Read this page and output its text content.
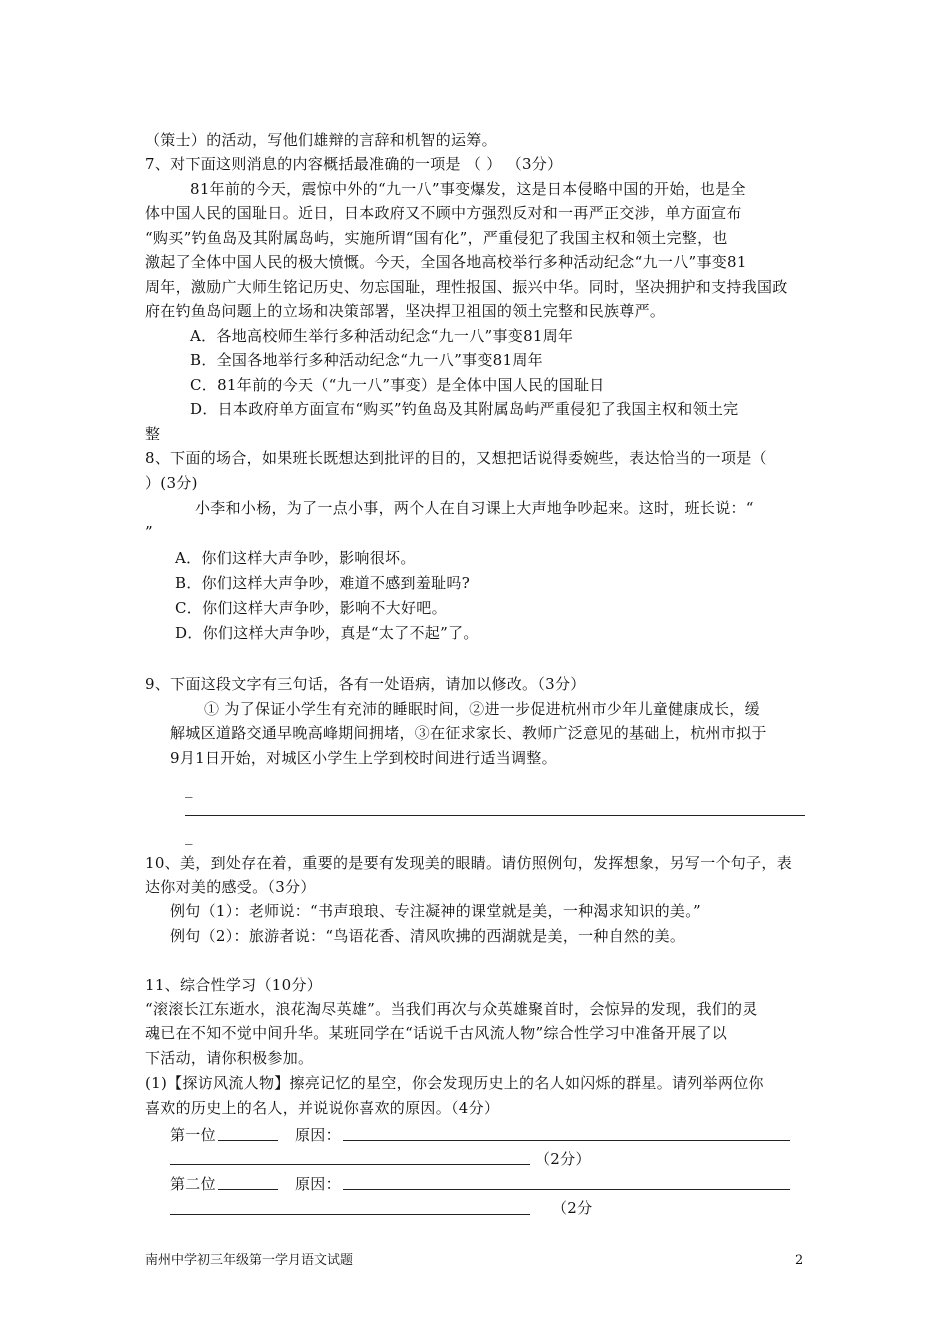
（策士）的活动，写他们雄辩的言辞和机智的运筹。
7、对下面这则消息的内容概括最准确的一项是 （ ） （3分）
81年前的今天，震惊中外的“九一八”事变爆发，这是日本侵略中国的开始，也是全
体中国人民的国耻日。近日，日本政府又不顾中方强烈反对和一再严正交涉，单方面宣布
“购买”钓鱼岛及其附属岛屿，实施所谓“国有化”，严重侵犯了我国主权和领土完整，也
激起了全体中国人民的极大愤慨。今天，全国各地高校举行多种活动纪念“九一八”事变81
周年，激励广大师生铭记历史、勿忘国耻，理性报国、振兴中华。同时，坚决拥护和支持我国政
府在钓鱼岛问题上的立场和决策部署，坚决捍卫祖国的领土完整和民族尊严。
A．各地高校师生举行多种活动纪念“九一八”事变81周年
B．全国各地举行多种活动纪念“九一八”事变81周年
C．81年前的今天（“九一八”事变）是全体中国人民的国耻日
D．日本政府单方面宣布“购买”钓鱼岛及其附属岛屿严重侵犯了我国主权和领土完
整
8、下面的场合，如果班长既想达到批评的目的，又想把话说得委婉些，表达恰当的一项是（
）(3分)
小李和小杨，为了一点小事，两个人在自习课上大声地争吵起来。这时，班长说：“
”
A．你们这样大声争吵，影响很坏。
B．你们这样大声争吵，难道不感到羞耻吗?
C．你们这样大声争吵，影响不大好吧。
D．你们这样大声争吵，真是“太了不起”了。
9、下面这段文字有三句话，各有一处语病，请加以修改。（3分）
① 为了保证小学生有充沛的睡眠时间，②进一步促进杭州市少年儿童健康成长，缓
解城区道路交通早晚高峰期间拥堵，③在征求家长、教师广泛意见的基础上，杭州市拟于
9月1日开始，对城区小学生上学到校时间进行适当调整。
_
_
10、美，到处存在着，重要的是要有发现美的眼睛。请仿照例句，发挥想象，另写一个句子，表
达你对美的感受。（3分）
例句（1）：老师说：“书声琅琅、专注凝神的课堂就是美，一种渴求知识的美。”
例句（2）：旅游者说：“鸟语花香、清风吹拂的西湖就是美，一种自然的美。
11、综合性学习（10分）
“滚滚长江东逝水，浪花淘尽英雄”。当我们再次与众英雄聚首时，会惊异的发现，我们的灵
魂已在不知不觉中间升华。某班同学在“话说千古风流人物”综合性学习中准备开展了以
下活动，请你积极参加。
(1)【探访风流人物】擦亮记忆的星空，你会发现历史上的名人如闪烁的群星。请列举两位你
喜欢的历史上的名人，并说说你喜欢的原因。（4分）
第一位	原因：
（2分）
第二位	原因：
（2分
南州中学初三年级第一学月语文试题	2
